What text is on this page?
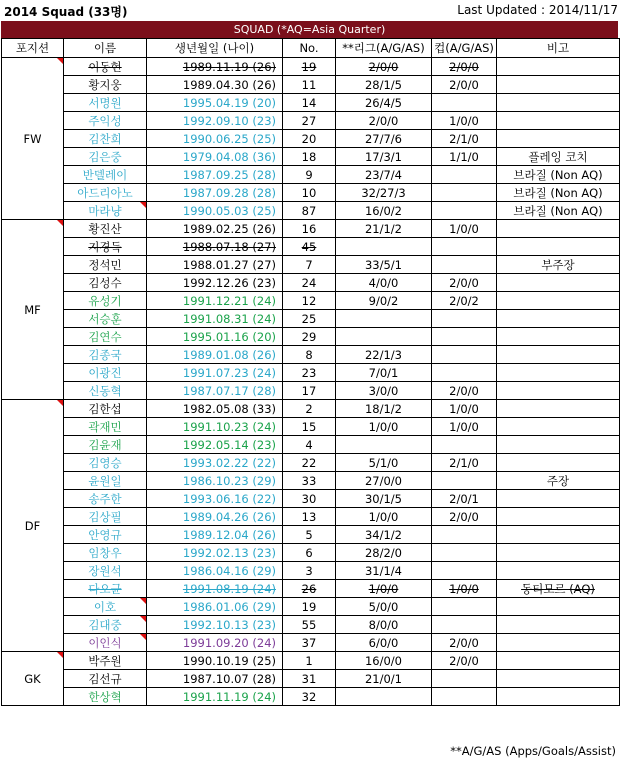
2014 Squad (33명)	Last Updated : 2014/11/17
SQUAD (*AQ=Asia Quarter)
포지션	이름	생년월일 (나이)	No.	**리그(A/G/AS)	컵(A/G/AS)	비고
FW	이동현	1989.11.19 (26)	19	2/0/0	2/0/0	
	황지웅	1989.04.30 (26)	11	28/1/5	2/0/0	
	서명원	1995.04.19 (20)	14	26/4/5		
	주익성	1992.09.10 (23)	27	2/0/0	1/0/0	
	김찬희	1990.06.25 (25)	20	27/7/6	2/1/0	
	김은중	1979.04.08 (36)	18	17/3/1	1/1/0	플레잉 코치
	반델레이	1987.09.25 (28)	9	23/7/4		브라질 (Non AQ)
	아드리아노	1987.09.28 (28)	10	32/27/3		브라질 (Non AQ)
	마라냥	1990.05.03 (25)	87	16/0/2		브라질 (Non AQ)
MF	황진산	1989.02.25 (26)	16	21/1/2	1/0/0	
	지경득	1988.07.18 (27)	45			
	정석민	1988.01.27 (27)	7	33/5/1		부주장
	김성수	1992.12.26 (23)	24	4/0/0	2/0/0	
	유성기	1991.12.21 (24)	12	9/0/2	2/0/2	
	서승훈	1991.08.31 (24)	25			
	김연수	1995.01.16 (20)	29			
	김종국	1989.01.08 (26)	8	22/1/3		
	이광진	1991.07.23 (24)	23	7/0/1		
	신동혁	1987.07.17 (28)	17	3/0/0	2/0/0	
DF	김한섭	1982.05.08 (33)	2	18/1/2	1/0/0	
	곽재민	1991.10.23 (24)	15	1/0/0	1/0/0	
	김윤재	1992.05.14 (23)	4			
	김영승	1993.02.22 (22)	22	5/1/0	2/1/0	
	윤원일	1986.10.23 (29)	33	27/0/0		주장
	송주한	1993.06.16 (22)	30	30/1/5	2/0/1	
	김상필	1989.04.26 (26)	13	1/0/0	2/0/0	
	안영규	1989.12.04 (26)	5	34/1/2		
	임창우	1992.02.13 (23)	6	28/2/0		
	장원석	1986.04.16 (29)	3	31/1/4		
	다오균	1991.08.19 (24)	26	1/0/0	1/0/0	동티모르 (AQ)
	이호	1986.01.06 (29)	19	5/0/0		
	김대중	1992.10.13 (23)	55	8/0/0		
	이인식	1991.09.20 (24)	37	6/0/0	2/0/0	
GK	박주원	1990.10.19 (25)	1	16/0/0	2/0/0	
	김선규	1987.10.07 (28)	31	21/0/1		
	한상혁	1991.11.19 (24)	32			
**A/G/AS (Apps/Goals/Assist)
